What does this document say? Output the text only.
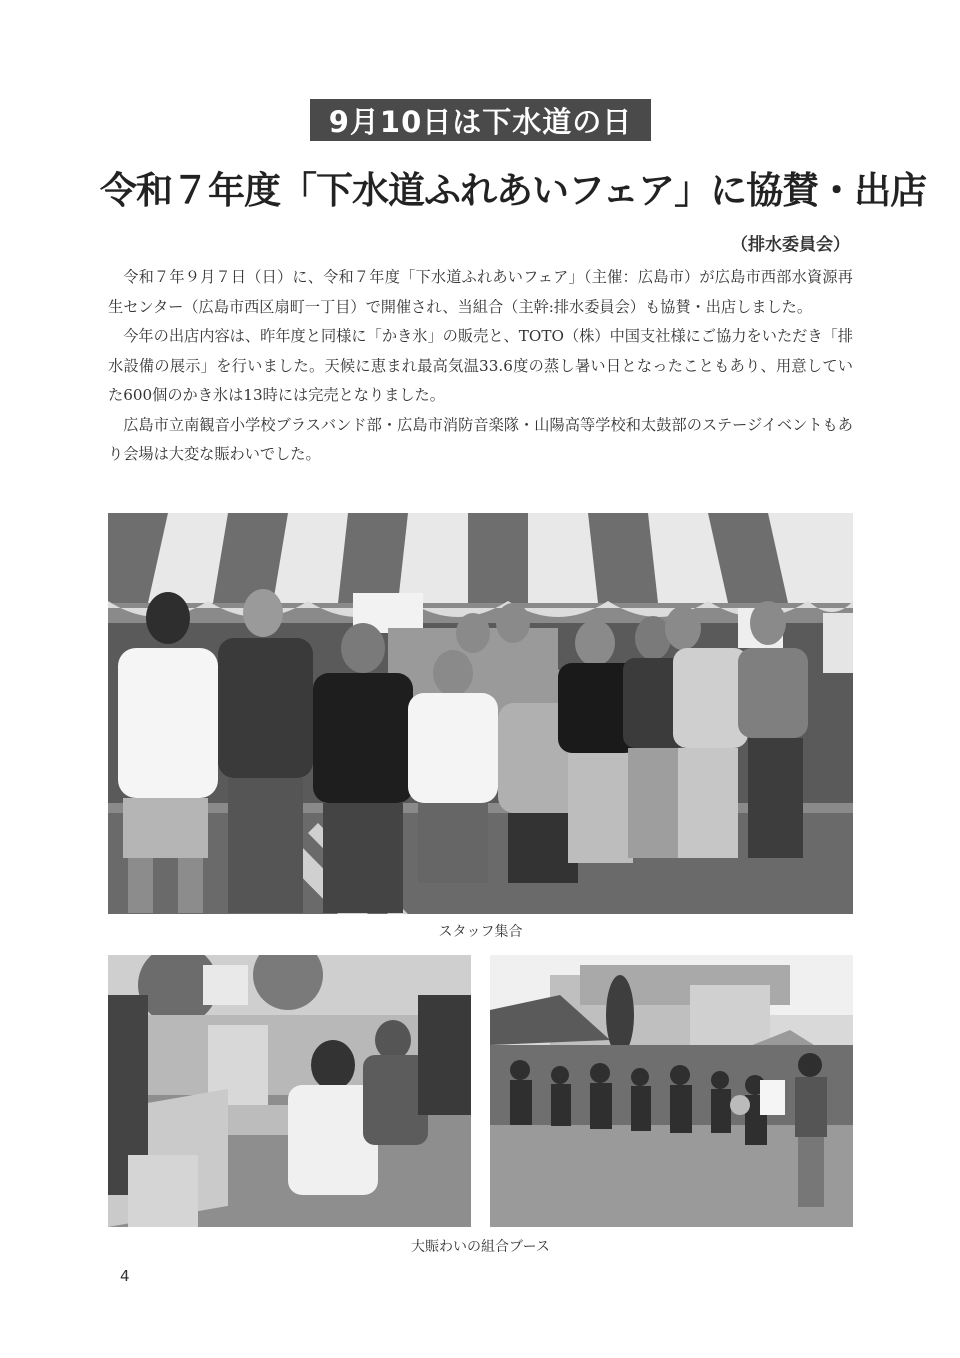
9月10日は下水道の日
令和７年度「下水道ふれあいフェア」に協賛・出店
（排水委員会）

令和７年９月７日（日）に、令和７年度「下水道ふれあいフェア」（主催：広島市）が広島市西部水資源再生センター（広島市西区扇町一丁目）で開催され、当組合（主幹:排水委員会）も協賛・出店しました。

今年の出店内容は、昨年度と同様に「かき氷」の販売と、TOTO（株）中国支社様にご協力をいただき「排水設備の展示」を行いました。天候に恵まれ最高気温33.6度の蒸し暑い日となったこともあり、用意していた600個のかき氷は13時には完売となりました。

広島市立南観音小学校ブラスバンド部・広島市消防音楽隊・山陽高等学校和太鼓部のステージイベントもあり会場は大変な賑わいでした。

スタッフ集合
大賑わいの組合ブース
4
